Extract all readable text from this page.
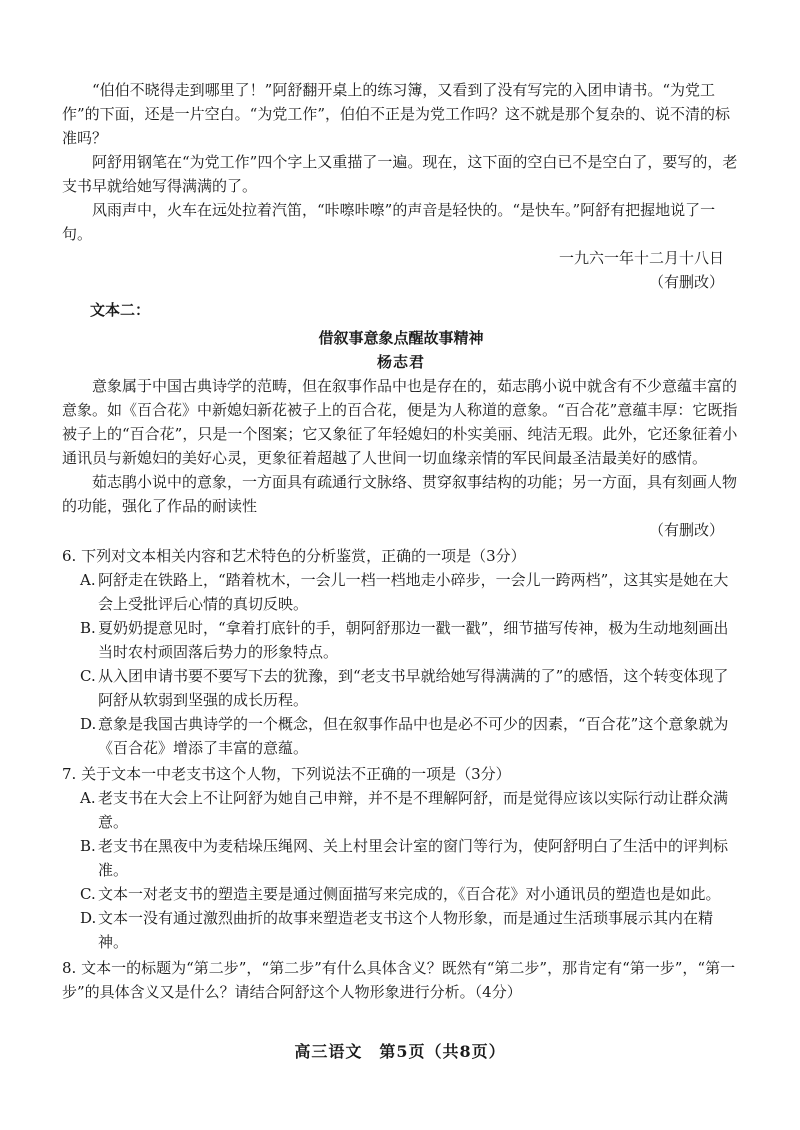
“伯伯不晓得走到哪里了！”阿舒翻开桌上的练习簿，又看到了没有写完的入团申请书。“为党工作”的下面，还是一片空白。“为党工作”，伯伯不正是为党工作吗？这不就是那个复杂的、说不清的标准吗？

阿舒用钢笔在“为党工作”四个字上又重描了一遍。现在，这下面的空白已不是空白了，要写的，老支书早就给她写得满满的了。

风雨声中，火车在远处拉着汽笛，“咔嚓咔嚓”的声音是轻快的。“是快车。”阿舒有把握地说了一句。

一九六一年十二月十八日

（有删改）

文本二：

借叙事意象点醒故事精神

杨志君

意象属于中国古典诗学的范畴，但在叙事作品中也是存在的，茹志鹃小说中就含有不少意蕴丰富的意象。如《百合花》中新媳妇新花被子上的百合花，便是为人称道的意象。“百合花”意蕴丰厚：它既指被子上的“百合花”，只是一个图案；它又象征了年轻媳妇的朴实美丽、纯洁无瑕。此外，它还象征着小通讯员与新媳妇的美好心灵，更象征着超越了人世间一切血缘亲情的军民间最圣洁最美好的感情。

茹志鹃小说中的意象，一方面具有疏通行文脉络、贯穿叙事结构的功能；另一方面，具有刻画人物的功能，强化了作品的耐读性

（有删改）

6. 下列对文本相关内容和艺术特色的分析鉴赏，正确的一项是（3分）

A. 阿舒走在铁路上，“踏着枕木，一会儿一档一档地走小碎步，一会儿一跨两档”，这其实是她在大会上受批评后心情的真切反映。

B. 夏奶奶提意见时，“拿着打底针的手，朝阿舒那边一戳一戳”，细节描写传神，极为生动地刻画出当时农村顽固落后势力的形象特点。

C. 从入团申请书要不要写下去的犹豫，到“老支书早就给她写得满满的了”的感悟，这个转变体现了阿舒从软弱到坚强的成长历程。

D. 意象是我国古典诗学的一个概念，但在叙事作品中也是必不可少的因素，“百合花”这个意象就为《百合花》增添了丰富的意蕴。

7. 关于文本一中老支书这个人物，下列说法不正确的一项是（3分）

A. 老支书在大会上不让阿舒为她自己申辩，并不是不理解阿舒，而是觉得应该以实际行动让群众满意。

B. 老支书在黑夜中为麦秸垛压绳网、关上村里会计室的窗门等行为，使阿舒明白了生活中的评判标准。

C. 文本一对老支书的塑造主要是通过侧面描写来完成的，《百合花》对小通讯员的塑造也是如此。

D. 文本一没有通过激烈曲折的故事来塑造老支书这个人物形象，而是通过生活琐事展示其内在精神。

8. 文本一的标题为“第二步”，“第二步”有什么具体含义？既然有“第二步”，那肯定有“第一步”，“第一步”的具体含义又是什么？请结合阿舒这个人物形象进行分析。（4分）

高三语文　第5页（共8页）
